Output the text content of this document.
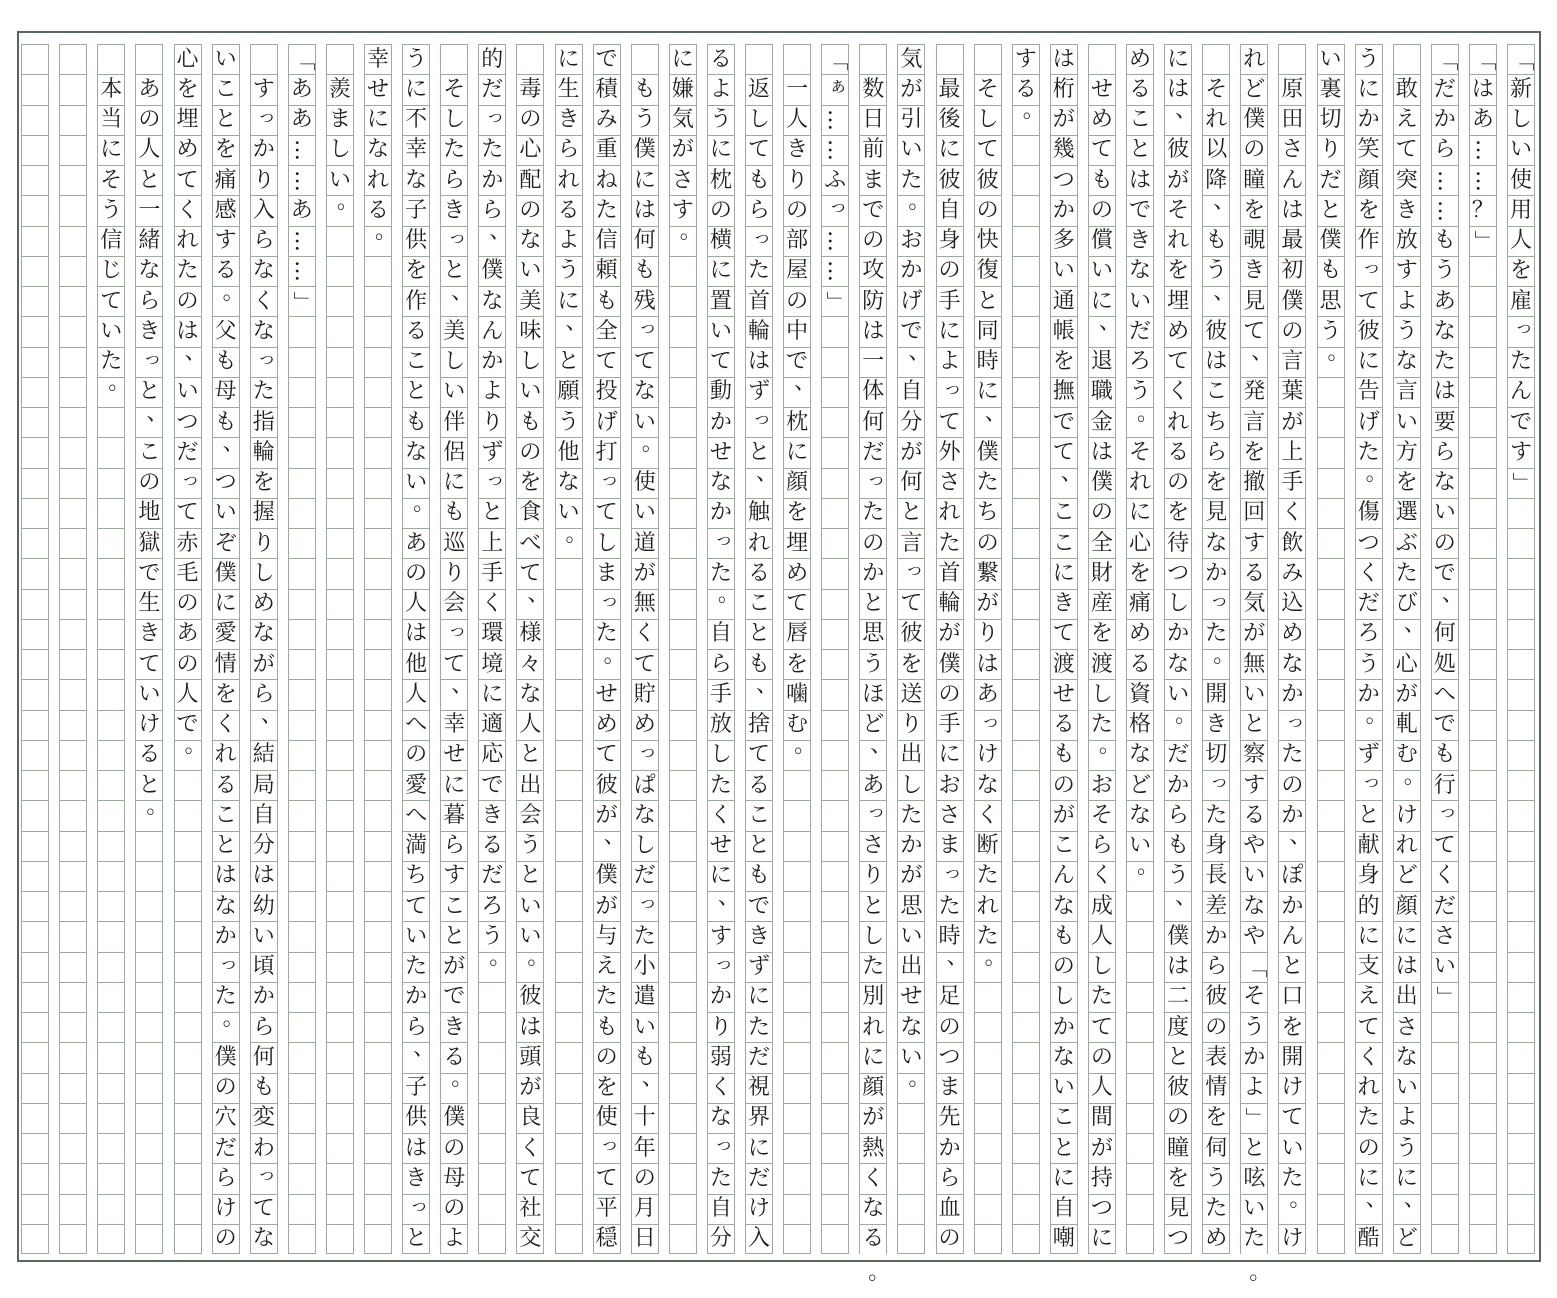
「
新
し
い
使
用
人
を
雇
っ
た
ん
で
す
」
「
は
あ
…
…
？
」
「
だ
か
ら
…
…
も
う
あ
な
た
は
要
ら
な
い
の
で
、
何
処
へ
で
も
行
っ
て
く
だ
さ
い
」
敢
え
て
突
き
放
す
よ
う
な
言
い
方
を
選
ぶ
た
び
、
心
が
軋
む
。
け
れ
ど
顔
に
は
出
さ
な
い
よ
う
に
、
ど
う
に
か
笑
顔
を
作
っ
て
彼
に
告
げ
た
。
傷
つ
く
だ
ろ
う
か
。
ず
っ
と
献
身
的
に
支
え
て
く
れ
た
の
に
、
酷
い
裏
切
り
だ
と
僕
も
思
う
。
原
田
さ
ん
は
最
初
僕
の
言
葉
が
上
手
く
飲
み
込
め
な
か
っ
た
の
か
、
ぽ
か
ん
と
口
を
開
け
て
い
た
。
け
れ
ど
僕
の
瞳
を
覗
き
見
て
、
発
言
を
撤
回
す
る
気
が
無
い
と
察
す
る
や
い
な
や
「
そ
う
か
よ
」
と
呟
い
た
。
そ
れ
以
降
、
も
う
、
彼
は
こ
ち
ら
を
見
な
か
っ
た
。
開
き
切
っ
た
身
長
差
か
ら
彼
の
表
情
を
伺
う
た
め
に
は
、
彼
が
そ
れ
を
埋
め
て
く
れ
る
の
を
待
つ
し
か
な
い
。
だ
か
ら
も
う
、
僕
は
二
度
と
彼
の
瞳
を
見
つ
め
る
こ
と
は
で
き
な
い
だ
ろ
う
。
そ
れ
に
心
を
痛
め
る
資
格
な
ど
な
い
。
せ
め
て
も
の
償
い
に
、
退
職
金
は
僕
の
全
財
産
を
渡
し
た
。
お
そ
ら
く
成
人
し
た
て
の
人
間
が
持
つ
に
は
桁
が
幾
つ
か
多
い
通
帳
を
撫
で
て
、
こ
こ
に
き
て
渡
せ
る
も
の
が
こ
ん
な
も
の
し
か
な
い
こ
と
に
自
嘲
す
る
。
そ
し
て
彼
の
快
復
と
同
時
に
、
僕
た
ち
の
繋
が
り
は
あ
っ
け
な
く
断
た
れ
た
。
最
後
に
彼
自
身
の
手
に
よ
っ
て
外
さ
れ
た
首
輪
が
僕
の
手
に
お
さ
ま
っ
た
時
、
足
の
つ
ま
先
か
ら
血
の
気
が
引
い
た
。
お
か
げ
で
、
自
分
が
何
と
言
っ
て
彼
を
送
り
出
し
た
か
が
思
い
出
せ
な
い
。
数
日
前
ま
で
の
攻
防
は
一
体
何
だ
っ
た
の
か
と
思
う
ほ
ど
、
あ
っ
さ
り
と
し
た
別
れ
に
顔
が
熱
く
な
る
。
「
ぁ
…
…
ふ
っ
…
…
」
一
人
き
り
の
部
屋
の
中
で
、
枕
に
顔
を
埋
め
て
唇
を
噛
む
。
返
し
て
も
ら
っ
た
首
輪
は
ず
っ
と
、
触
れ
る
こ
と
も
、
捨
て
る
こ
と
も
で
き
ず
に
た
だ
視
界
に
だ
け
入
る
よ
う
に
枕
の
横
に
置
い
て
動
か
せ
な
か
っ
た
。
自
ら
手
放
し
た
く
せ
に
、
す
っ
か
り
弱
く
な
っ
た
自
分
に
嫌
気
が
さ
す
。
も
う
僕
に
は
何
も
残
っ
て
な
い
。
使
い
道
が
無
く
て
貯
め
っ
ぱ
な
し
だ
っ
た
小
遣
い
も
、
十
年
の
月
日
で
積
み
重
ね
た
信
頼
も
全
て
投
げ
打
っ
て
し
ま
っ
た
。
せ
め
て
彼
が
、
僕
が
与
え
た
も
の
を
使
っ
て
平
穏
に
生
き
ら
れ
る
よ
う
に
、
と
願
う
他
な
い
。
毒
の
心
配
の
な
い
美
味
し
い
も
の
を
食
べ
て
、
様
々
な
人
と
出
会
う
と
い
い
。
彼
は
頭
が
良
く
て
社
交
的
だ
っ
た
か
ら
、
僕
な
ん
か
よ
り
ず
っ
と
上
手
く
環
境
に
適
応
で
き
る
だ
ろ
う
。
そ
し
た
ら
き
っ
と
、
美
し
い
伴
侶
に
も
巡
り
会
っ
て
、
幸
せ
に
暮
ら
す
こ
と
が
で
き
る
。
僕
の
母
の
よ
う
に
不
幸
な
子
供
を
作
る
こ
と
も
な
い
。
あ
の
人
は
他
人
へ
の
愛
へ
満
ち
て
い
た
か
ら
、
子
供
は
き
っ
と
幸
せ
に
な
れ
る
。
羨
ま
し
い
。
「
あ
あ
…
…
あ
…
…
」
す
っ
か
り
入
ら
な
く
な
っ
た
指
輪
を
握
り
し
め
な
が
ら
、
結
局
自
分
は
幼
い
頃
か
ら
何
も
変
わ
っ
て
な
い
こ
と
を
痛
感
す
る
。
父
も
母
も
、
つ
い
ぞ
僕
に
愛
情
を
く
れ
る
こ
と
は
な
か
っ
た
。
僕
の
穴
だ
ら
け
の
心
を
埋
め
て
く
れ
た
の
は
、
い
つ
だ
っ
て
赤
毛
の
あ
の
人
で
。
あ
の
人
と
一
緒
な
ら
き
っ
と
、
こ
の
地
獄
で
生
き
て
い
け
る
と
。
本
当
に
そ
う
信
じ
て
い
た
。
